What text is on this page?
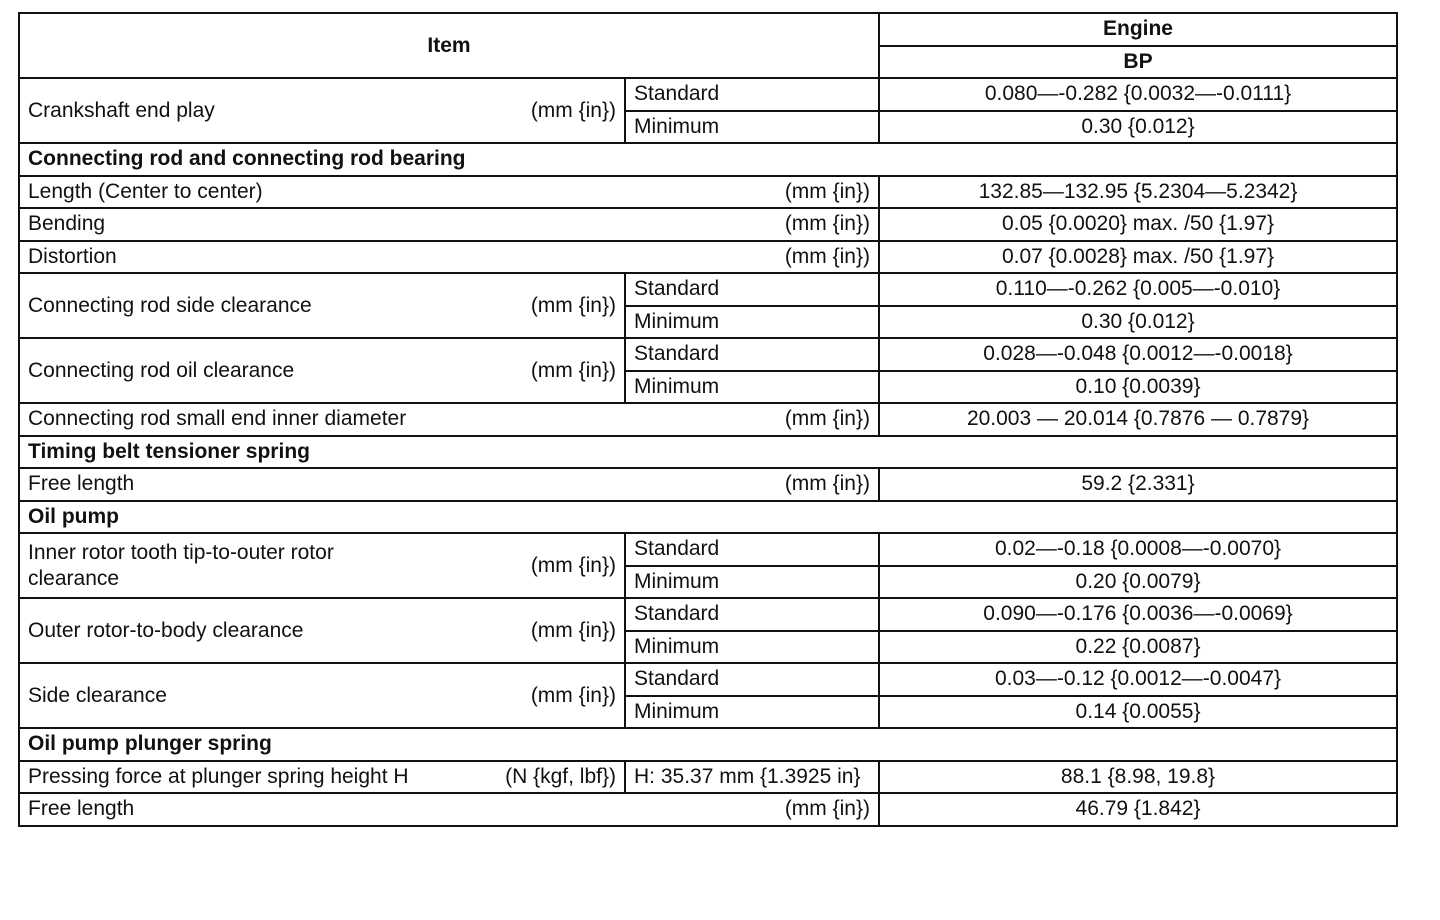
Item		Engine
		BP

Crankshaft end play (mm {in})	Standard	0.080—-0.282 {0.0032—-0.0111}
	Minimum	0.30 {0.012}
Connecting rod and connecting rod bearing		

Length (Center to center) (mm {in})		132.85—132.95 {5.2304—5.2342}

Bending (mm {in})		0.05 {0.0020} max. /50 {1.97}

Distortion (mm {in})		0.07 {0.0028} max. /50 {1.97}

Connecting rod side clearance (mm {in})	Standard	0.110—-0.262 {0.005—-0.010}
	Minimum	0.30 {0.012}

Connecting rod oil clearance (mm {in})	Standard	0.028—-0.048 {0.0012—-0.0018}
	Minimum	0.10 {0.0039}

Connecting rod small end inner diameter (mm {in})		20.003 — 20.014 {0.7876 — 0.7879}
Timing belt tensioner spring		

Free length (mm {in})		59.2 {2.331}
Oil pump		

Inner rotor tooth tip-to-outer rotor clearance
(mm {in})	Standard	0.02—-0.18 {0.0008—-0.0070}
	Minimum	0.20 {0.0079}

Outer rotor-to-body clearance (mm {in})	Standard	0.090—-0.176 {0.0036—-0.0069}
	Minimum	0.22 {0.0087}

Side clearance (mm {in})	Standard	0.03—-0.12 {0.0012—-0.0047}
	Minimum	0.14 {0.0055}
Oil pump plunger spring		

Pressing force at plunger spring height H (N {kgf, lbf})	H: 35.37 mm {1.3925 in}	88.1 {8.98, 19.8}

Free length (mm {in})		46.79 {1.842}
